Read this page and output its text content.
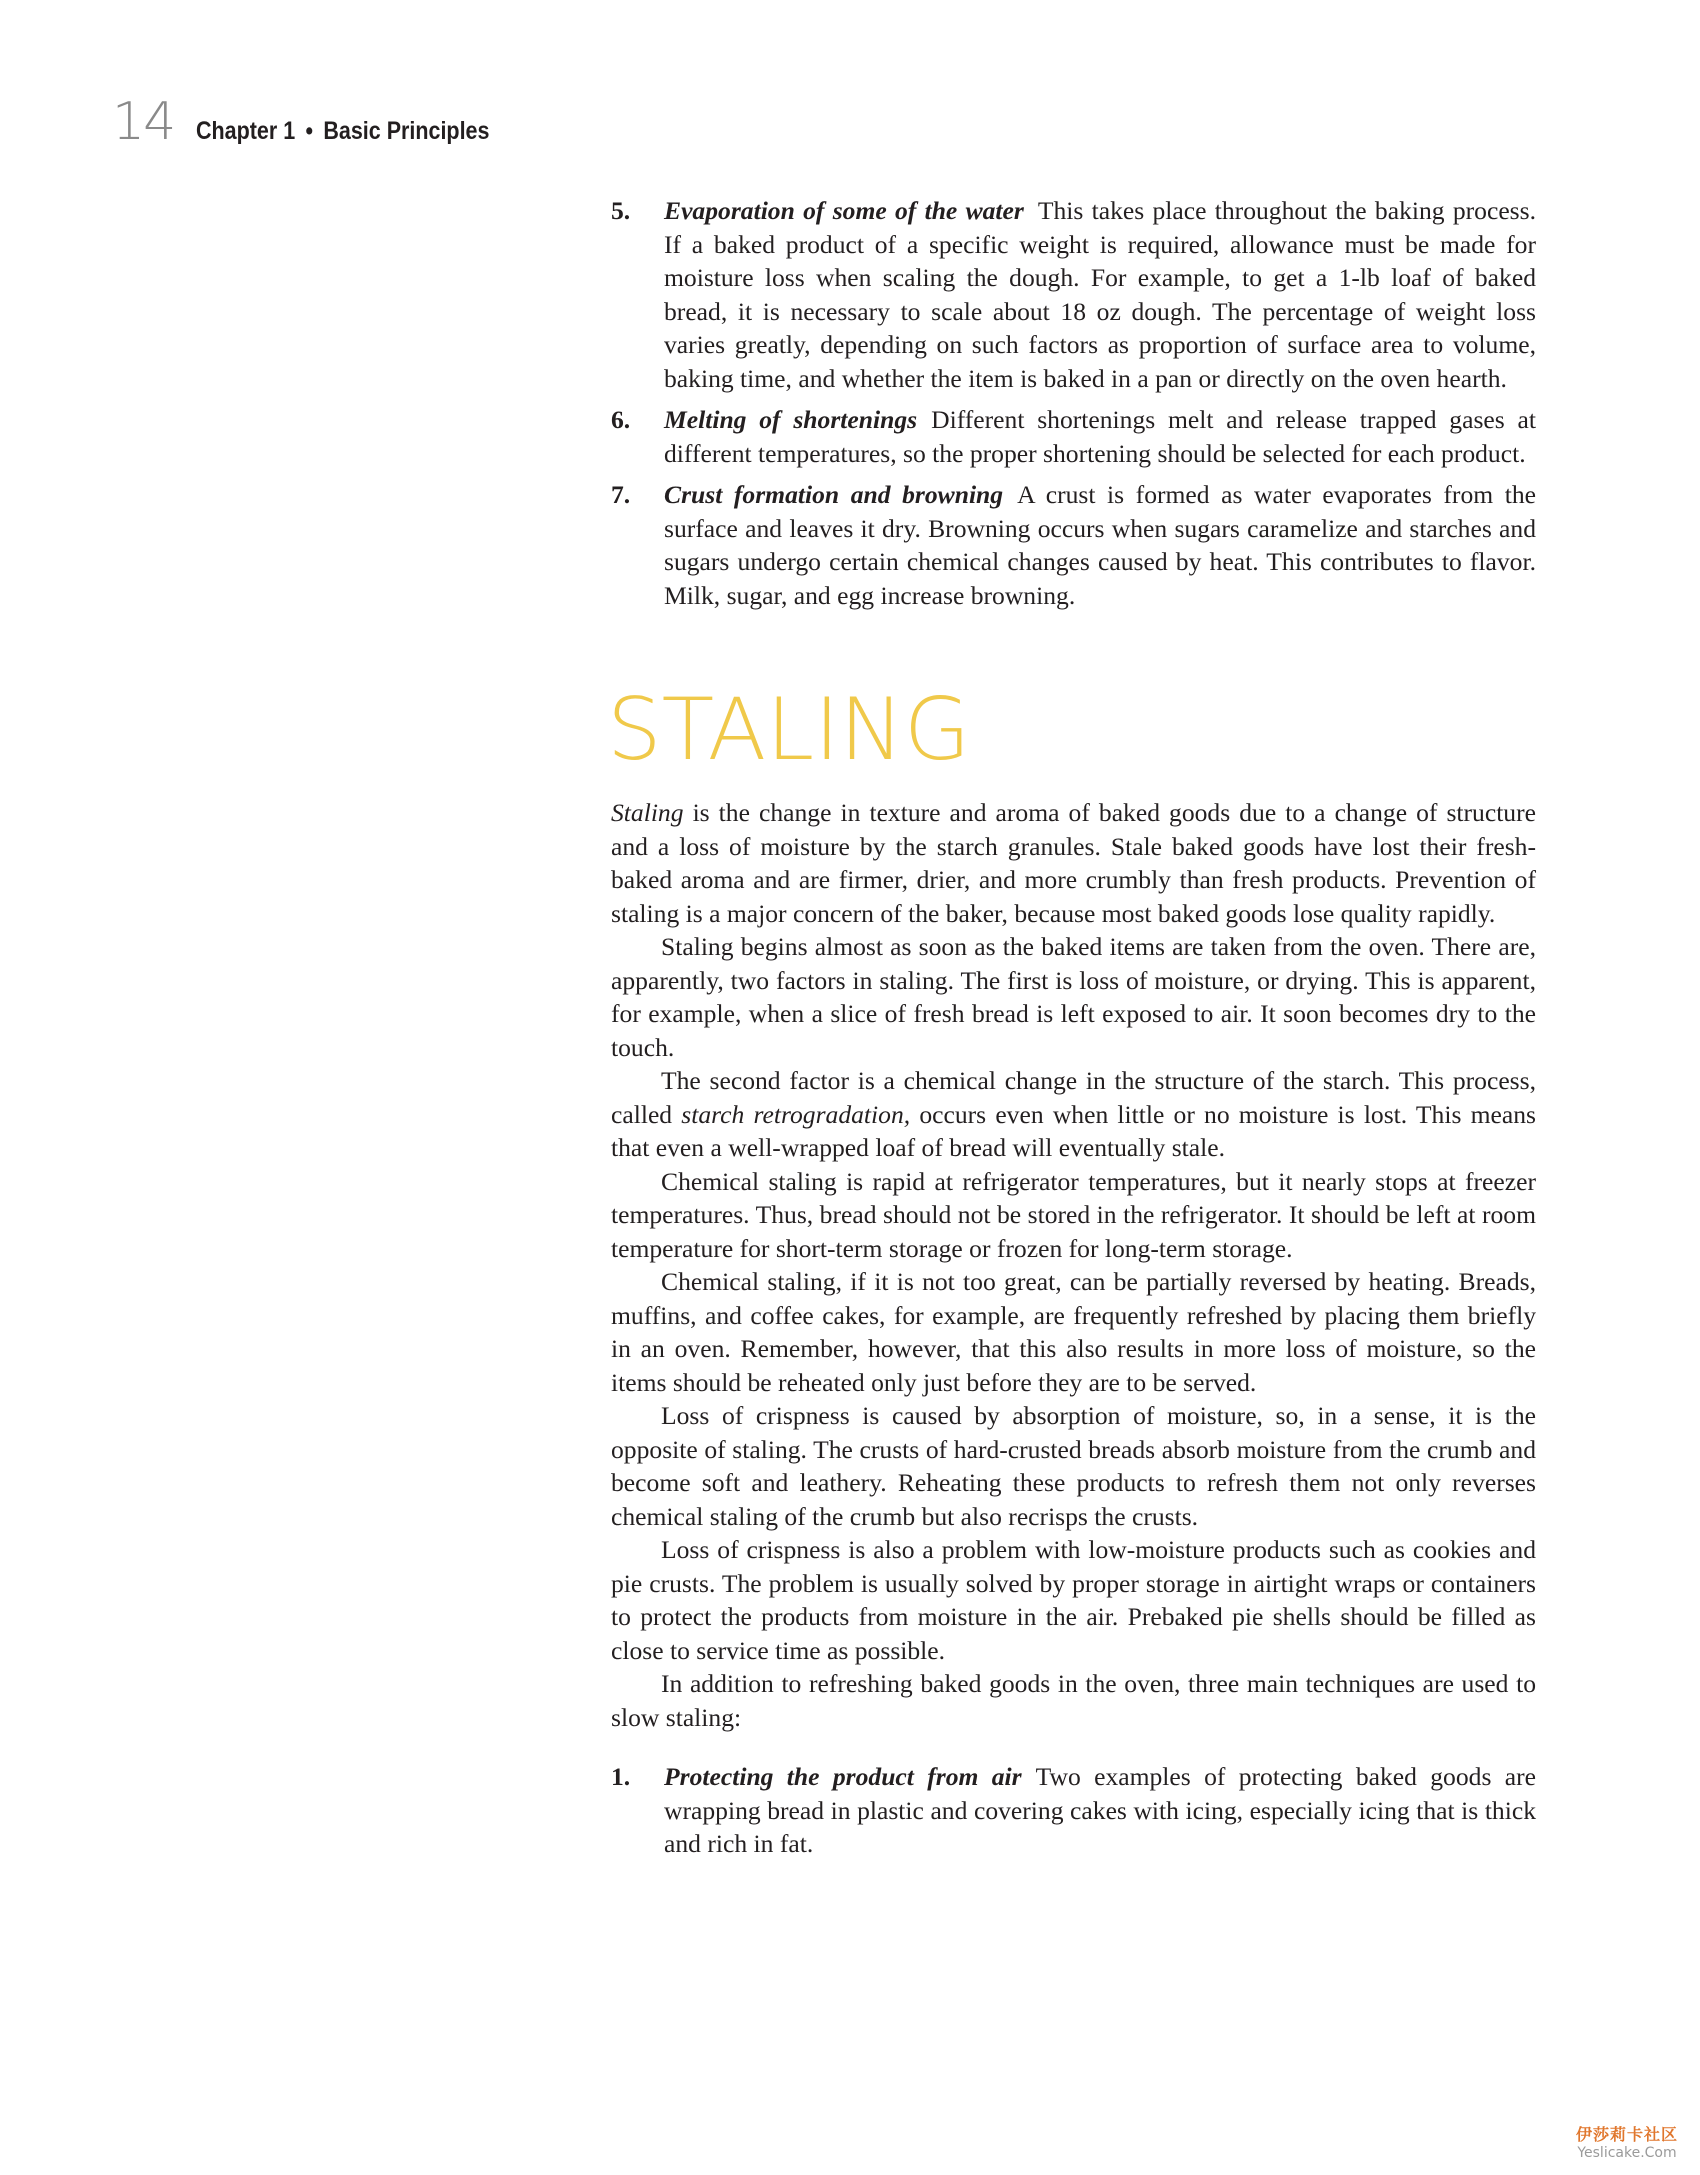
14 Chapter 1 • Basic Principles
5. Evaporation of some of the water This takes place throughout the baking process. If a baked product of a specific weight is required, allowance must be made for moisture loss when scaling the dough. For example, to get a 1-lb loaf of baked bread, it is necessary to scale about 18 oz dough. The percentage of weight loss varies greatly, depending on such factors as proportion of surface area to volume, baking time, and whether the item is baked in a pan or directly on the oven hearth.
6. Melting of shortenings Different shortenings melt and release trapped gases at different temperatures, so the proper shortening should be selected for each product.
7. Crust formation and browning A crust is formed as water evaporates from the surface and leaves it dry. Browning occurs when sugars caramelize and starches and sugars undergo certain chemical changes caused by heat. This contributes to flavor. Milk, sugar, and egg increase browning.
STALING

Staling is the change in texture and aroma of baked goods due to a change of structure and a loss of moisture by the starch granules. Stale baked goods have lost their fresh-baked aroma and are firmer, drier, and more crumbly than fresh products. Prevention of staling is a major concern of the baker, because most baked goods lose quality rapidly.

Staling begins almost as soon as the baked items are taken from the oven. There are, apparently, two factors in staling. The first is loss of moisture, or drying. This is apparent, for example, when a slice of fresh bread is left exposed to air. It soon becomes dry to the touch.

The second factor is a chemical change in the structure of the starch. This process, called starch retrogradation, occurs even when little or no moisture is lost. This means that even a well-wrapped loaf of bread will eventually stale.

Chemical staling is rapid at refrigerator temperatures, but it nearly stops at freezer temperatures. Thus, bread should not be stored in the refrigerator. It should be left at room temperature for short-term storage or frozen for long-term storage.

Chemical staling, if it is not too great, can be partially reversed by heating. Breads, muffins, and coffee cakes, for example, are frequently refreshed by placing them briefly in an oven. Remember, however, that this also results in more loss of moisture, so the items should be reheated only just before they are to be served.

Loss of crispness is caused by absorption of moisture, so, in a sense, it is the opposite of staling. The crusts of hard-crusted breads absorb moisture from the crumb and become soft and leathery. Reheating these products to refresh them not only reverses chemical staling of the crumb but also recrisps the crusts.

Loss of crispness is also a problem with low-moisture products such as cookies and pie crusts. The problem is usually solved by proper storage in airtight wraps or containers to protect the products from moisture in the air. Prebaked pie shells should be filled as close to service time as possible.

In addition to refreshing baked goods in the oven, three main techniques are used to slow staling:

1. Protecting the product from air Two examples of protecting baked goods are wrapping bread in plastic and covering cakes with icing, especially icing that is thick and rich in fat.
伊莎莉卡社区
Yeslicake.Com
